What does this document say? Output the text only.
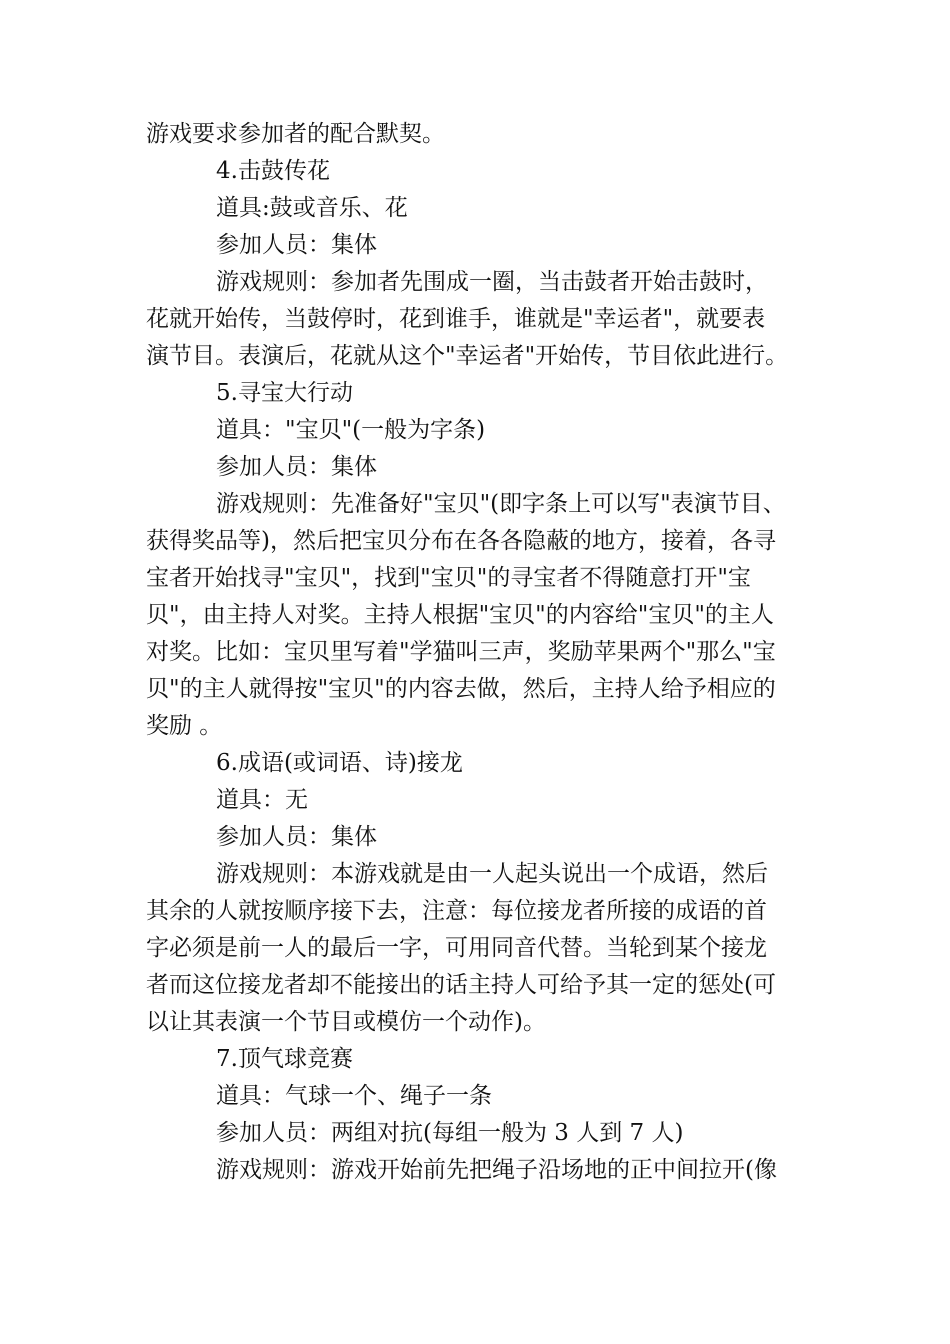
游戏要求参加者的配合默契。
4.击鼓传花
道具:鼓或音乐、花
参加人员：集体
游戏规则：参加者先围成一圈，当击鼓者开始击鼓时，
花就开始传，当鼓停时，花到谁手，谁就是"幸运者"，就要表
演节目。表演后，花就从这个"幸运者"开始传，节目依此进行。
5.寻宝大行动
道具："宝贝"(一般为字条)
参加人员：集体
游戏规则：先准备好"宝贝"(即字条上可以写"表演节目、
获得奖品等)，然后把宝贝分布在各各隐蔽的地方，接着，各寻
宝者开始找寻"宝贝"，找到"宝贝"的寻宝者不得随意打开"宝
贝"，由主持人对奖。主持人根据"宝贝"的内容给"宝贝"的主人
对奖。比如：宝贝里写着"学猫叫三声，奖励苹果两个"那么"宝
贝"的主人就得按"宝贝"的内容去做，然后，主持人给予相应的
奖励 。
6.成语(或词语、诗)接龙
道具：无
参加人员：集体
游戏规则：本游戏就是由一人起头说出一个成语，然后
其余的人就按顺序接下去，注意：每位接龙者所接的成语的首
字必须是前一人的最后一字，可用同音代替。当轮到某个接龙
者而这位接龙者却不能接出的话主持人可给予其一定的惩处(可
以让其表演一个节目或模仿一个动作)。
7.顶气球竞赛
道具：气球一个、绳子一条
参加人员：两组对抗(每组一般为 3 人到 7 人)
游戏规则：游戏开始前先把绳子沿场地的正中间拉开(像
